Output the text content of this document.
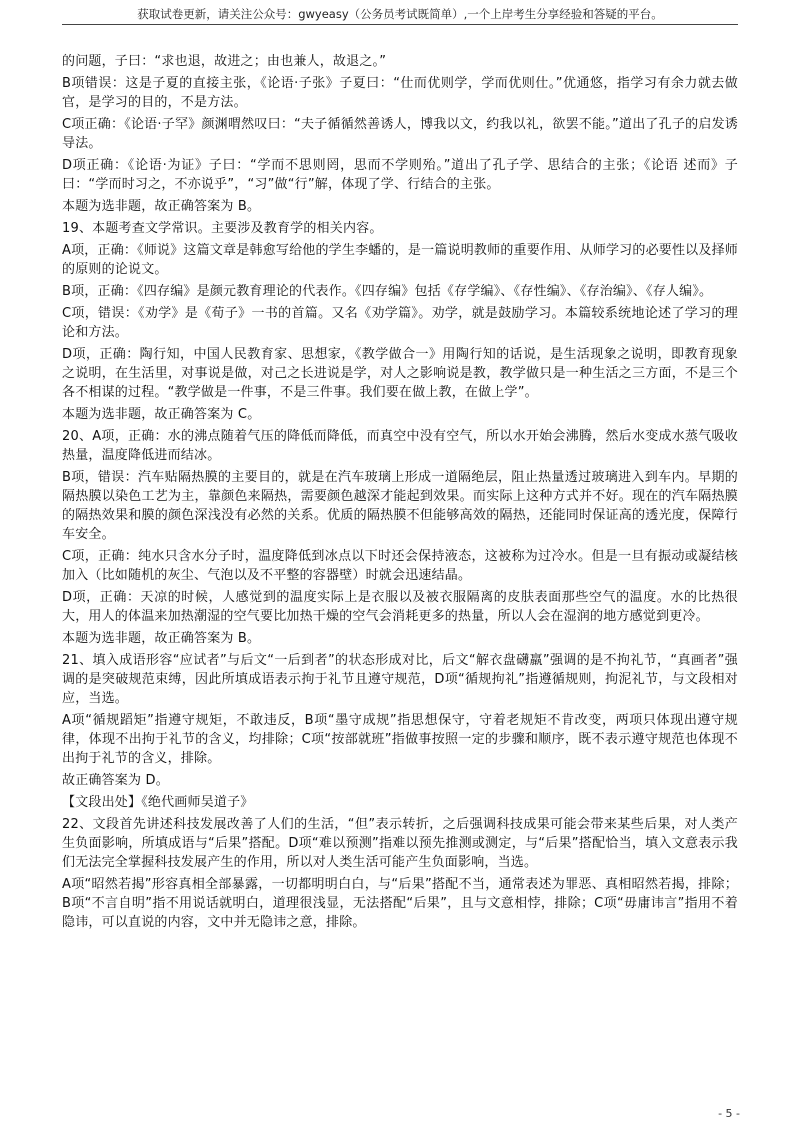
获取试卷更新，请关注公众号：gwyeasy（公务员考试既简单）,一个上岸考生分享经验和答疑的平台。

的问题，子曰：“求也退，故进之；由也兼人，故退之。”

B项错误：这是子夏的直接主张，《论语·子张》子夏曰：“仕而优则学，学而优则仕。”优通悠，指学习有余力就去做官，是学习的目的，不是方法。

C项正确：《论语·子罕》颜渊喟然叹曰：“夫子循循然善诱人，博我以文，约我以礼，欲罢不能。”道出了孔子的启发诱导法。

D项正确：《论语·为证》子曰：“学而不思则罔，思而不学则殆。”道出了孔子学、思结合的主张；《论语 述而》子曰：“学而时习之，不亦说乎”，“习”做“行”解，体现了学、行结合的主张。

本题为选非题，故正确答案为 B。

19、本题考查文学常识。主要涉及教育学的相关内容。

A项，正确：《师说》这篇文章是韩愈写给他的学生李蟠的，是一篇说明教师的重要作用、从师学习的必要性以及择师的原则的论说文。

B项，正确：《四存编》是颜元教育理论的代表作。《四存编》包括《存学编》、《存性编》、《存治编》、《存人编》。

C项，错误：《劝学》是《荀子》一书的首篇。又名《劝学篇》。劝学，就是鼓励学习。本篇较系统地论述了学习的理论和方法。

D项，正确：陶行知，中国人民教育家、思想家，《教学做合一》用陶行知的话说，是生活现象之说明，即教育现象之说明，在生活里，对事说是做，对己之长进说是学，对人之影响说是教，教学做只是一种生活之三方面，不是三个各不相谋的过程。“教学做是一件事，不是三件事。我们要在做上教，在做上学”。

本题为选非题，故正确答案为 C。

20、A项，正确：水的沸点随着气压的降低而降低，而真空中没有空气，所以水开始会沸腾，然后水变成水蒸气吸收热量，温度降低进而结冰。

B项，错误：汽车贴隔热膜的主要目的，就是在汽车玻璃上形成一道隔绝层，阻止热量透过玻璃进入到车内。早期的隔热膜以染色工艺为主，靠颜色来隔热，需要颜色越深才能起到效果。而实际上这种方式并不好。现在的汽车隔热膜的隔热效果和膜的颜色深浅没有必然的关系。优质的隔热膜不但能够高效的隔热，还能同时保证高的透光度，保障行车安全。

C项，正确：纯水只含水分子时，温度降低到冰点以下时还会保持液态，这被称为过冷水。但是一旦有振动或凝结核加入（比如随机的灰尘、气泡以及不平整的容器壁）时就会迅速结晶。

D项，正确：天凉的时候，人感觉到的温度实际上是衣服以及被衣服隔离的皮肤表面那些空气的温度。水的比热很大，用人的体温来加热潮湿的空气要比加热干燥的空气会消耗更多的热量，所以人会在湿润的地方感觉到更冷。

本题为选非题，故正确答案为 B。

21、填入成语形容“应试者”与后文“一后到者”的状态形成对比，后文“解衣盘礴羸”强调的是不拘礼节，“真画者”强调的是突破规范束缚，因此所填成语表示拘于礼节且遵守规范，D项“循规拘礼”指遵循规则，拘泥礼节，与文段相对应，当选。

A项“循规蹈矩”指遵守规矩，不敢违反，B项“墨守成规”指思想保守，守着老规矩不肯改变，两项只体现出遵守规律，体现不出拘于礼节的含义，均排除；C项“按部就班”指做事按照一定的步骤和顺序，既不表示遵守规范也体现不出拘于礼节的含义，排除。

故正确答案为 D。

【文段出处】《绝代画师吴道子》

22、文段首先讲述科技发展改善了人们的生活，“但”表示转折，之后强调科技成果可能会带来某些后果，对人类产生负面影响，所填成语与“后果”搭配。D项“难以预测”指难以预先推测或测定，与“后果”搭配恰当，填入文意表示我们无法完全掌握科技发展产生的作用，所以对人类生活可能产生负面影响，当选。

A项“昭然若揭”形容真相全部暴露，一切都明明白白，与“后果”搭配不当，通常表述为罪恶、真相昭然若揭，排除；B项“不言自明”指不用说话就明白，道理很浅显，无法搭配“后果”，且与文意相悖，排除；C项“毋庸讳言”指用不着隐讳，可以直说的内容，文中并无隐讳之意，排除。

- 5 -
